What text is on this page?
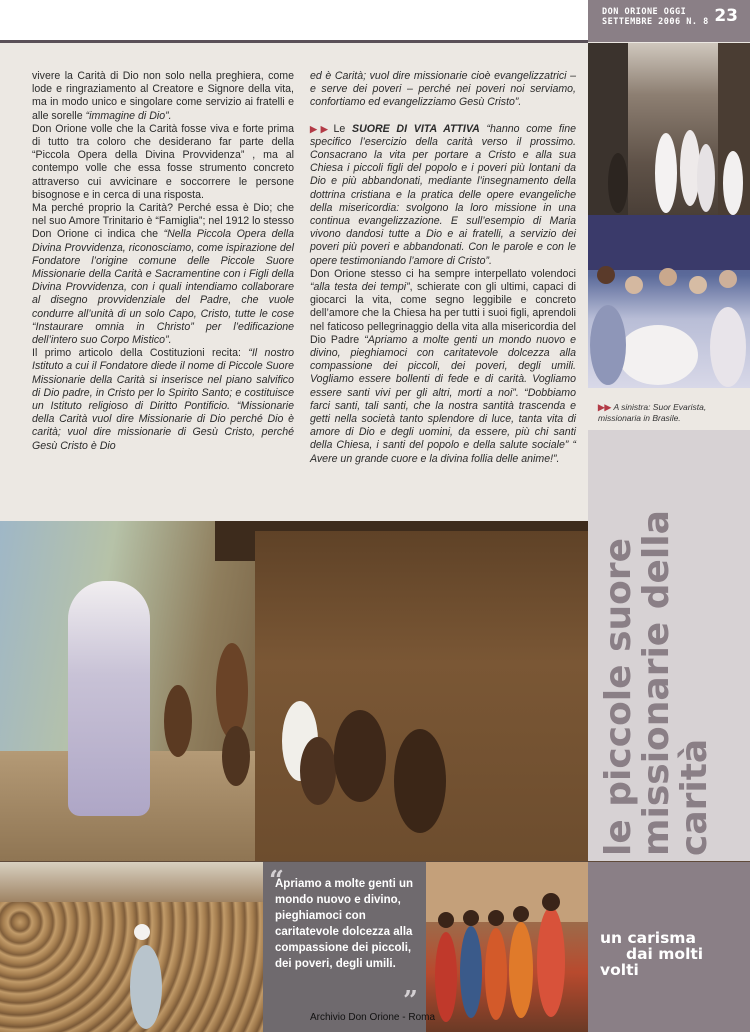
DON ORIONE OGGI
SETTEMBRE 2006 N. 8 23

vivere la Carità di Dio non solo nella preghiera, come lode e ringraziamento al Creatore e Signore della vita, ma in modo unico e singolare come servizio ai fratelli e alle sorelle “immagine di Dio”.

Don Orione volle che la Carità fosse viva e forte prima di tutto tra coloro che desiderano far parte della “Piccola Opera della Divina Provvidenza” , ma al contempo volle che essa fosse strumento concreto attraverso cui avvicinare e soccorrere le persone bisognose e in cerca di una risposta.

Ma perché proprio la Carità? Perché essa è Dio; che nel suo Amore Trinitario è “Famiglia”; nel 1912 lo stesso Don Orione ci indica che “Nella Piccola Opera della Divina Provvidenza, riconosciamo, come ispirazione del Fondatore l’origine comune delle Piccole Suore Missionarie della Carità e Sacramentine con i Figli della Divina Provvidenza, con i quali intendiamo collaborare al disegno provvidenziale del Padre, che vuole condurre all’unità di un solo Capo, Cristo, tutte le cose “Instaurare omnia in Christo” per l’edificazione dell’intero suo Corpo Mistico”.

Il primo articolo della Costituzioni recita: “Il nostro Istituto a cui il Fondatore diede il nome di Piccole Suore Missionarie della Carità si inserisce nel piano salvifico di Dio padre, in Cristo per lo Spirito Santo; e costituisce un Istituto religioso di Diritto Pontificio. “Missionarie della Carità vuol dire Missionarie di Dio perché Dio è carità; vuol dire missionarie di Gesù Cristo, perché Gesù Cristo è Dio

ed è Carità; vuol dire missionarie cioè evangelizzatrici – e serve dei poveri – perché nei poveri noi serviamo, confortiamo ed evangelizziamo Gesù Cristo”.

▶▶ Le SUORE DI VITA ATTIVA “hanno come fine specifico l’esercizio della carità verso il prossimo. Consacrano la vita per portare a Cristo e alla sua Chiesa i piccoli figli del popolo e i poveri più lontani da Dio e più abbandonati, mediante l’insegnamento della dottrina cristiana e la pratica delle opere evangeliche della misericordia: svolgono la loro missione in una continua evangelizzazione. E sull’esempio di Maria vivono dandosi tutte a Dio e ai fratelli, a servizio dei poveri più poveri e abbandonati. Con le parole e con le opere testimoniando l’amore di Cristo”.

Don Orione stesso ci ha sempre interpellato volendoci “alla testa dei tempi”, schierate con gli ultimi, capaci di giocarci la vita, come segno leggibile e concreto dell’amore che la Chiesa ha per tutti i suoi figli, aprendoli nel faticoso pellegrinaggio della vita alla misericordia del Dio Padre “Apriamo a molte genti un mondo nuovo e divino, pieghiamoci con caritatevole dolcezza alla compassione dei piccoli, dei poveri, degli umili. Vogliamo essere bollenti di fede e di carità. Vogliamo essere santi vivi per gli altri, morti a noi”. “Dobbiamo farci santi, tali santi, che la nostra santità trascenda e getti nella società tanto splendore di luce, tanta vita di amore di Dio e degli uomini, da essere, più chi santi della Chiesa, i santi del popolo e della salute sociale” “ Avere un grande cuore e la divina follia delle anime!”.

▶▶ A sinistra: Suor Evarista, missionaria in Brasile.
le piccole suore
missionarie della carità
“
Apriamo a molte genti un mondo nuovo e divino, pieghiamoci con caritatevole dolcezza alla compassione dei piccoli, dei poveri, degli umili.
”
un carisma
dai molti
volti
Archivio Don Orione - Roma
